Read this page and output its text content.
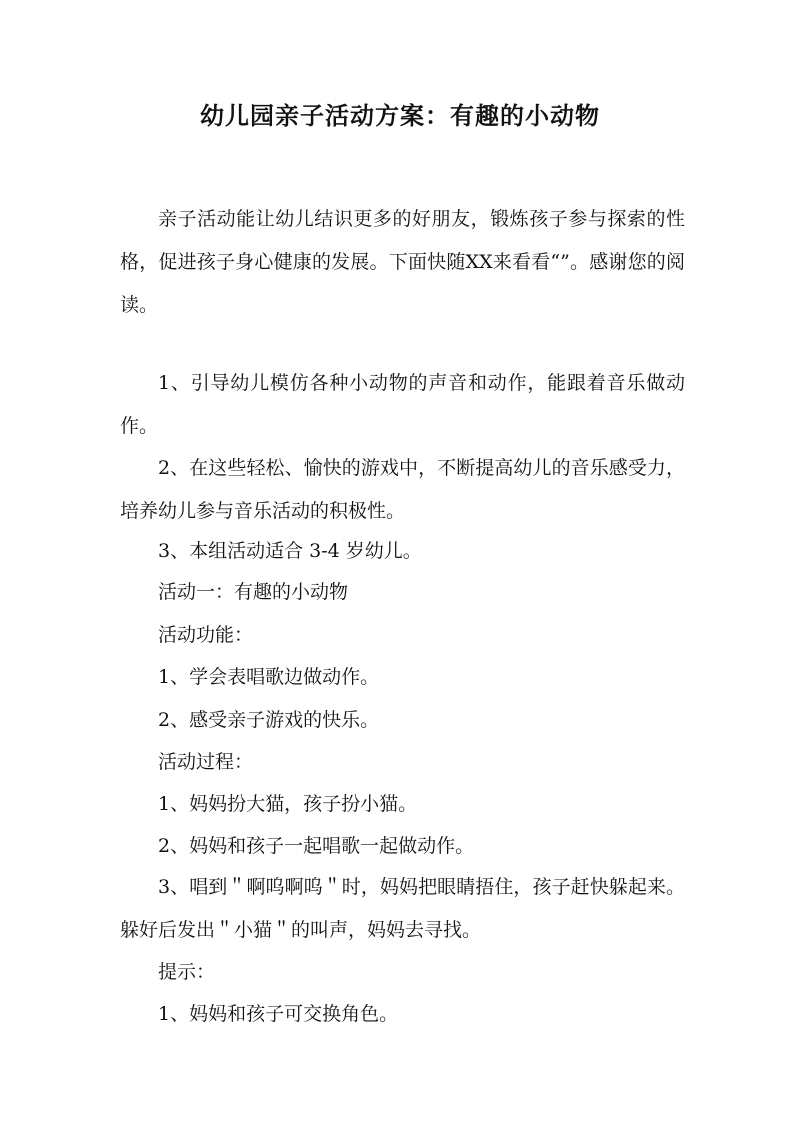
幼儿园亲子活动方案：有趣的小动物

亲子活动能让幼儿结识更多的好朋友，锻炼孩子参与探索的性格，促进孩子身心健康的发展。下面快随XX来看看“”。感谢您的阅读。

1、引导幼儿模仿各种小动物的声音和动作，能跟着音乐做动作。

2、在这些轻松、愉快的游戏中，不断提高幼儿的音乐感受力，培养幼儿参与音乐活动的积极性。

3、本组活动适合 3-4 岁幼儿。

活动一：有趣的小动物

活动功能：

1、学会表唱歌边做动作。

2、感受亲子游戏的快乐。

活动过程：

1、妈妈扮大猫，孩子扮小猫。

2、妈妈和孩子一起唱歌一起做动作。

3、唱到＂啊呜啊呜＂时，妈妈把眼睛捂住，孩子赶快躲起来。躲好后发出＂小猫＂的叫声，妈妈去寻找。

提示：

1、妈妈和孩子可交换角色。
